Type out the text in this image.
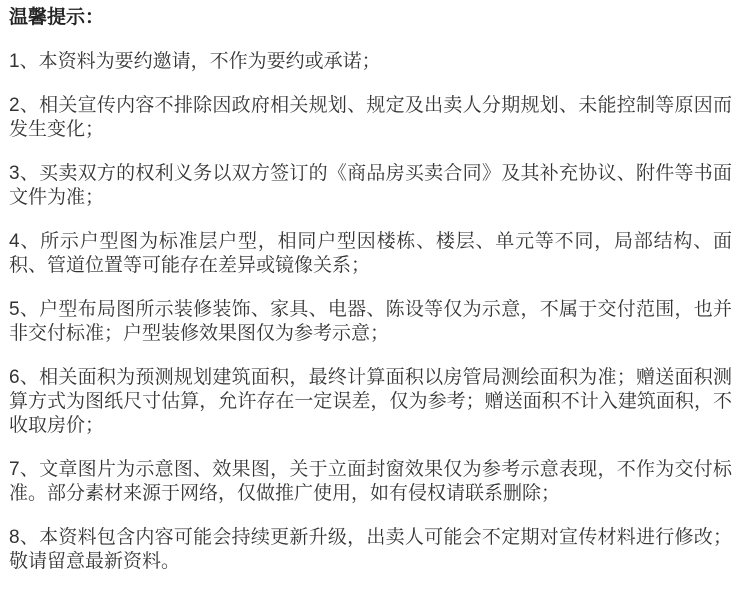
温馨提示：

1、本资料为要约邀请，不作为要约或承诺；

2、相关宣传内容不排除因政府相关规划、规定及出卖人分期规划、未能控制等原因而发生变化；

3、买卖双方的权利义务以双方签订的《商品房买卖合同》及其补充协议、附件等书面文件为准；

4、所示户型图为标准层户型，相同户型因楼栋、楼层、单元等不同，局部结构、面积、管道位置等可能存在差异或镜像关系；

5、户型布局图所示装修装饰、家具、电器、陈设等仅为示意，不属于交付范围，也并非交付标准；户型装修效果图仅为参考示意；

6、相关面积为预测规划建筑面积，最终计算面积以房管局测绘面积为准；赠送面积测算方式为图纸尺寸估算，允许存在一定误差，仅为参考；赠送面积不计入建筑面积，不收取房价；

7、文章图片为示意图、效果图，关于立面封窗效果仅为参考示意表现，不作为交付标准。部分素材来源于网络，仅做推广使用，如有侵权请联系删除；

8、本资料包含内容可能会持续更新升级，出卖人可能会不定期对宣传材料进行修改；敬请留意最新资料。
